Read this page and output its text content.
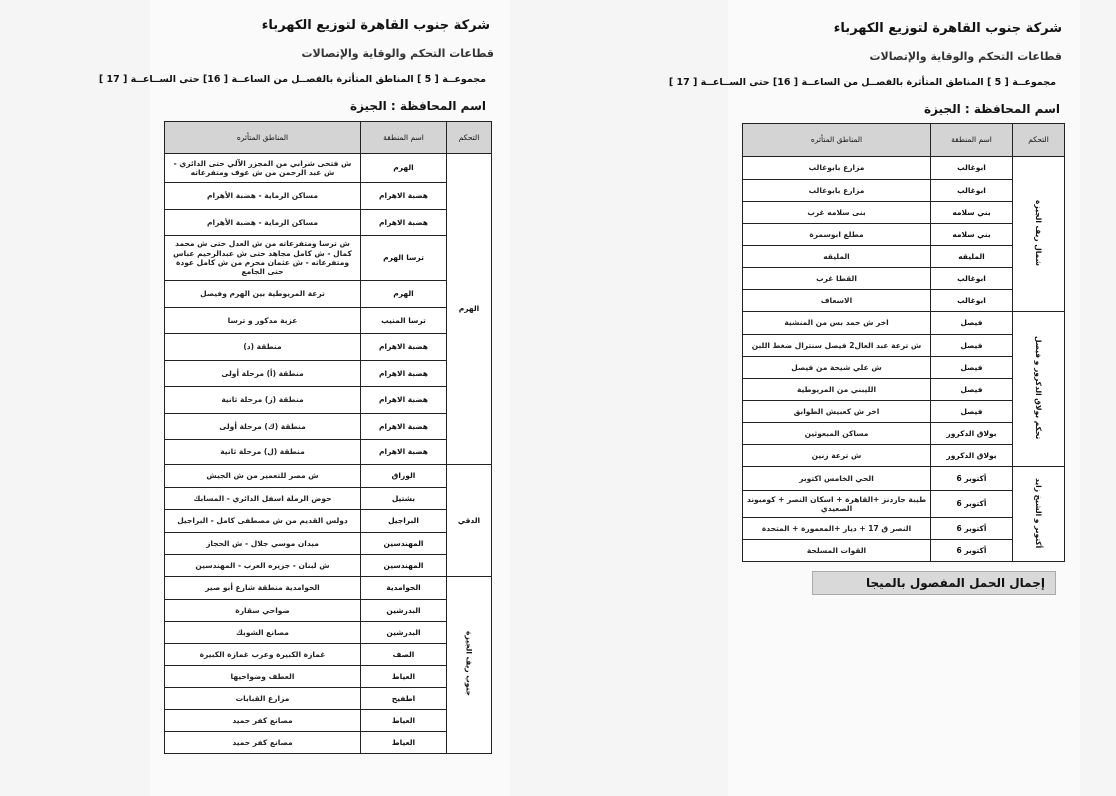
شركة جنوب القاهرة لتوزيع الكهرباء
قطاعات التحكم والوقاية والإتصالات
مجموعــة [ 5 ] المناطق المتأثرة بالفصــل من الساعــة [ 16] حتى الســاعــة [ 17 ]
اسم المحافظة : الجيزة
شركة جنوب القاهرة لتوزيع الكهرباء
قطاعات التحكم والوقاية والإتصالات
مجموعــة [ 5 ] المناطق المتأثرة بالفصــل من الساعــة [ 16] حتى الســاعــة [ 17 ]
اسم المحافظة : الجيزة
التحكم	اسم المنطقة	المناطق المتأثره
الهرم	الهرم	ش فتحى شرابي من المجزر الآلي حتى الدائري - ش عبد الرحمن من ش عوف ومتفرعاته
	هضبة الاهرام	مساكن الرماية - هضبة الأهرام
	هضبة الاهرام	مساكن الرماية - هضبة الأهرام
	ترسا الهرم	ش ترسا ومتفرعاته من ش العدل حتى ش محمد كمال - ش كامل مجاهد حتى ش عبدالرحيم عباس ومتفرعاته - ش عثمان محرم من ش كامل عودة حتى الجامع
	الهرم	ترعة المريوطية بين الهرم وفيصل
	ترسا المنيب	عزبة مدكور و ترسا
	هضبة الاهرام	منطقة (د)
	هضبة الاهرام	منطقة (أ) مرحلة أولى
	هضبة الاهرام	منطقة (ز) مرحلة ثانية
	هضبة الاهرام	منطقة (ك) مرحلة أولى
	هضبة الاهرام	منطقة (ل) مرحلة ثانية
الدقي	الوراق	ش مصر للتعمير من ش الجيش
	بشتيل	حوض الرملة اسفل الدائري - المسابك
	البراجيل	دولس القديم من ش مصطفى كامل - البراجيل
	المهندسين	ميدان موسي جلال - ش الحجاز
	المهندسين	ش لبنان - جزيره العرب - المهندسين
جنوب ريف الجيزة	الحوامدية	الحوامدية منطقة شارع أبو صير
	البدرشين	ضواحي سقارة
	البدرشين	مصانع الشوبك
	الصف	غمازة الكبيرة وعرب غمازة الكبيرة
	العياط	العطف وضواحيها
	اطفيح	مزارع القبابات
	العياط	مصانع كفر حميد
	العياط	مصانع كفر حميد
التحكم	اسم المنطقة	المناطق المتأثره
شمال ريف الجيزة	ابوغالب	مزارع بابوغالب
	ابوغالب	مزارع بابوغالب
	بني سلامه	بنى سلامه غرب
	بني سلامه	مطلع ابوسمرة
	المليقه	المليقه
	ابوغالب	القطا غرب
	ابوغالب	الاسعاف
تحكم بولاق الدكرور و فيصل	فيصل	اخر ش حمد بس من المنشية
	فيصل	ش ترعة عبد العال2 فيصل سنترال ضغط اللبن
	فيصل	ش علي شيحة من فيصل
	فيصل	الليبني من المريوطية
	فيصل	اخر ش كعبيش الطوابق
	بولاق الدكرور	مساكن المبعوثين
	بولاق الدكرور	ش ترعة زنين
أكتوبر و الشيخ زايد	أكتوبر 6	الحي الخامس اكتوبر
	أكتوبر 6	طيبة جاردنز +القاهرة + اسكان النصر + كومبوند الصعيدي
	أكتوبر 6	النصر ق 17 + ديار +المعمورة + المتحدة
	أكتوبر 6	القوات المسلحة
إجمال الحمل المفصول بالميجا
